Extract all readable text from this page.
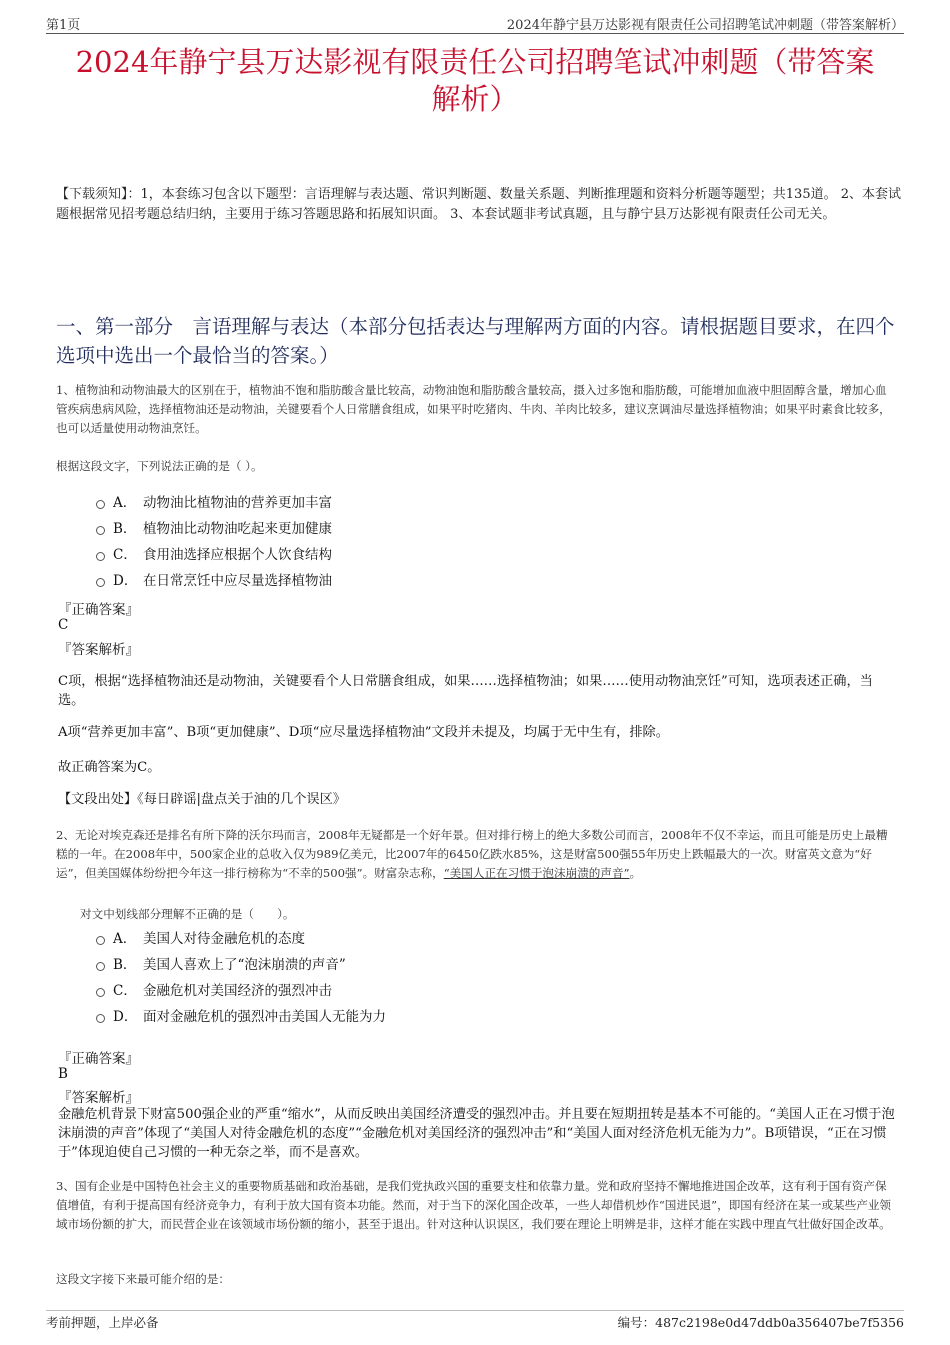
第1页	2024年静宁县万达影视有限责任公司招聘笔试冲刺题（带答案解析）
2024年静宁县万达影视有限责任公司招聘笔试冲刺题（带答案
解析）
【下载须知】：1，本套练习包含以下题型：言语理解与表达题、常识判断题、数量关系题、判断推理题和资料分析题等题型；共135道。 2、本套试题根据常见招考题总结归纳，主要用于练习答题思路和拓展知识面。 3、本套试题非考试真题，且与静宁县万达影视有限责任公司无关。
一、第一部分　言语理解与表达（本部分包括表达与理解两方面的内容。请根据题目要求，在四个选项中选出一个最恰当的答案。）
1、植物油和动物油最大的区别在于，植物油不饱和脂肪酸含量比较高，动物油饱和脂肪酸含量较高，摄入过多饱和脂肪酸，可能增加血液中胆固醇含量，增加心血管疾病患病风险，选择植物油还是动物油，关键要看个人日常膳食组成，如果平时吃猪肉、牛肉、羊肉比较多，建议烹调油尽量选择植物油；如果平时素食比较多，也可以适量使用动物油烹饪。
根据这段文字，下列说法正确的是（ ）。
A． 动物油比植物油的营养更加丰富
B． 植物油比动物油吃起来更加健康
C． 食用油选择应根据个人饮食结构
D． 在日常烹饪中应尽量选择植物油
『正确答案』
C
『答案解析』
C项，根据“选择植物油还是动物油，关键要看个人日常膳食组成，如果……选择植物油；如果……使用动物油烹饪”可知，选项表述正确，当选。
A项“营养更加丰富”、B项“更加健康”、D项“应尽量选择植物油”文段并未提及，均属于无中生有，排除。
故正确答案为C。
【文段出处】《每日辟谣|盘点关于油的几个误区》
2、无论对埃克森还是排名有所下降的沃尔玛而言，2008年无疑都是一个好年景。但对排行榜上的绝大多数公司而言，2008年不仅不幸运，而且可能是历史上最糟糕的一年。在2008年中，500家企业的总收入仅为989亿美元，比2007年的6450亿跌水85%，这是财富500强55年历史上跌幅最大的一次。财富英文意为“好运”，但美国媒体纷纷把今年这一排行榜称为“不幸的500强”。财富杂志称，“美国人正在习惯于泡沫崩溃的声音”。
对文中划线部分理解不正确的是（　　）。
A． 美国人对待金融危机的态度
B． 美国人喜欢上了“泡沫崩溃的声音”
C． 金融危机对美国经济的强烈冲击
D． 面对金融危机的强烈冲击美国人无能为力
『正确答案』
B
『答案解析』
金融危机背景下财富500强企业的严重“缩水”，从而反映出美国经济遭受的强烈冲击。并且要在短期扭转是基本不可能的。“美国人正在习惯于泡沫崩溃的声音”体现了“美国人对待金融危机的态度”“金融危机对美国经济的强烈冲击”和“美国人面对经济危机无能为力”。B项错误，“正在习惯于”体现迫使自己习惯的一种无奈之举，而不是喜欢。
3、国有企业是中国特色社会主义的重要物质基础和政治基础，是我们党执政兴国的重要支柱和依靠力量。党和政府坚持不懈地推进国企改革，这有利于国有资产保值增值，有利于提高国有经济竞争力，有利于放大国有资本功能。然而，对于当下的深化国企改革，一些人却借机炒作“国进民退”，即国有经济在某一或某些产业领域市场份额的扩大，而民营企业在该领域市场份额的缩小，甚至于退出。针对这种认识误区，我们要在理论上明辨是非，这样才能在实践中理直气壮做好国企改革。
这段文字接下来最可能介绍的是：
考前押题，上岸必备	编号：487c2198e0d47ddb0a356407be7f5356
